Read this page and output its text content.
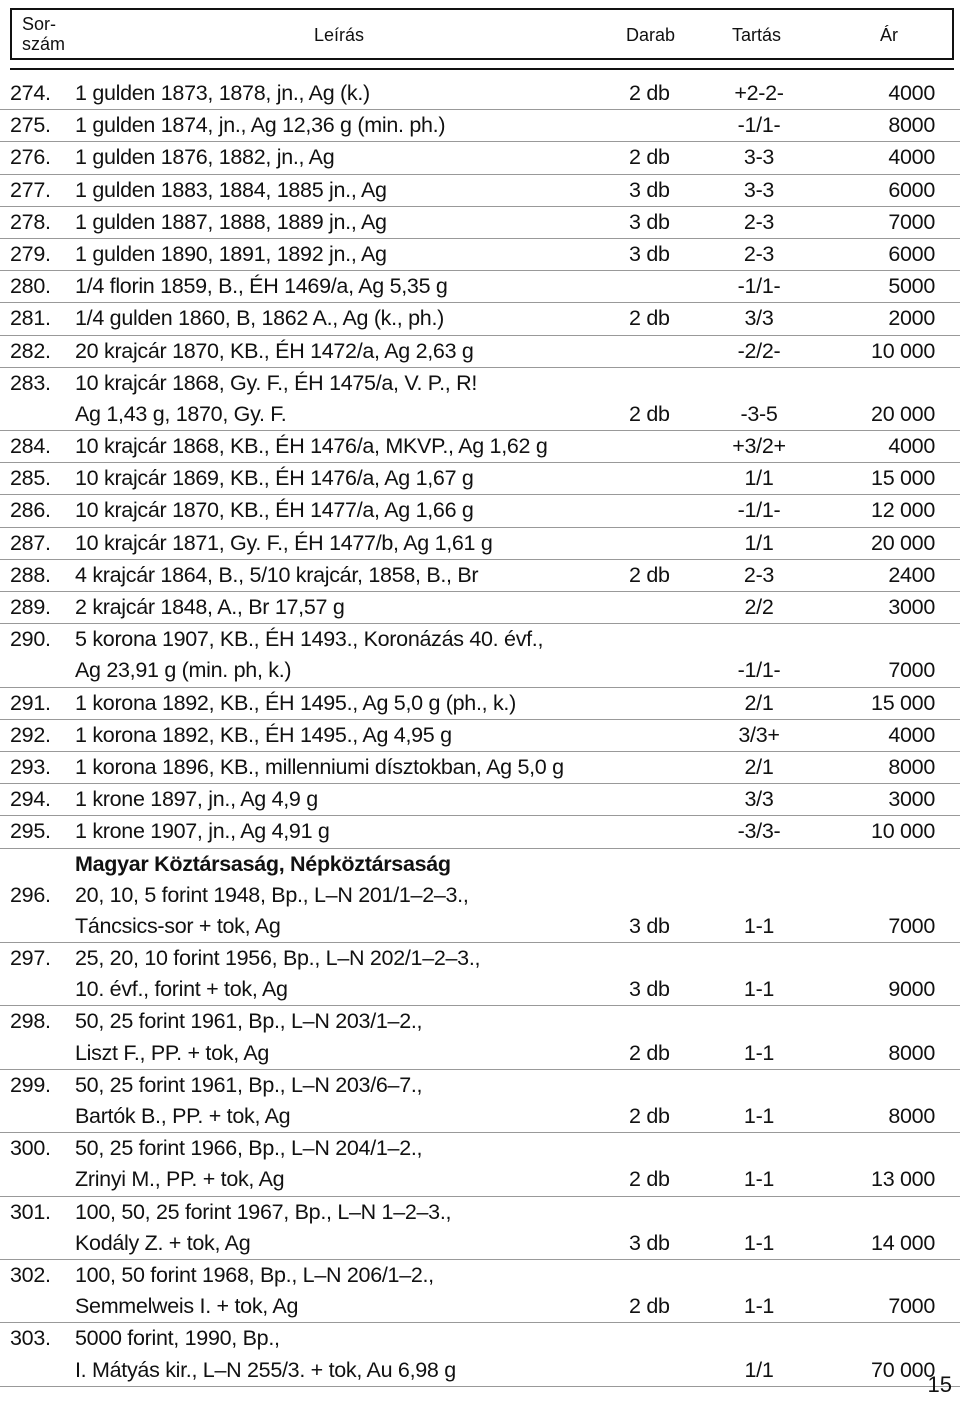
Sor-
szám	Leírás	Darab	Tartás	Ár
274. 1 gulden 1873, 1878, jn., Ag (k.)	2 db	+2-2-	4000
275. 1 gulden 1874, jn., Ag 12,36 g (min. ph.)	-1/1-	8000
276. 1 gulden 1876, 1882, jn., Ag	2 db	3-3	4000
277. 1 gulden 1883, 1884, 1885 jn., Ag	3 db	3-3	6000
278. 1 gulden 1887, 1888, 1889 jn., Ag	3 db	2-3	7000
279. 1 gulden 1890, 1891, 1892 jn., Ag	3 db	2-3	6000
280. 1/4 florin 1859, B., ÉH 1469/a, Ag 5,35 g	-1/1-	5000
281. 1/4 gulden 1860, B, 1862 A., Ag (k., ph.)	2 db	3/3	2000
282. 20 krajcár 1870, KB., ÉH 1472/a, Ag 2,63 g	-2/2-	10 000
283. 10 krajcár 1868, Gy. F., ÉH 1475/a, V. P., R!
Ag 1,43 g, 1870, Gy. F.	2 db	-3-5	20 000
284. 10 krajcár 1868, KB., ÉH 1476/a, MKVP., Ag 1,62 g	+3/2+	4000
285. 10 krajcár 1869, KB., ÉH 1476/a, Ag 1,67 g	1/1	15 000
286. 10 krajcár 1870, KB., ÉH 1477/a, Ag 1,66 g	-1/1-	12 000
287. 10 krajcár 1871, Gy. F., ÉH 1477/b, Ag 1,61 g	1/1	20 000
288. 4 krajcár 1864, B., 5/10 krajcár, 1858, B., Br	2 db	2-3	2400
289. 2 krajcár 1848, A., Br 17,57 g	2/2	3000
290. 5 korona 1907, KB., ÉH 1493., Koronázás 40. évf.,
Ag 23,91 g (min. ph, k.)	-1/1-	7000
291. 1 korona 1892, KB., ÉH 1495., Ag 5,0 g (ph., k.)	2/1	15 000
292. 1 korona 1892, KB., ÉH 1495., Ag 4,95 g	3/3+	4000
293. 1 korona 1896, KB., millenniumi dísztokban, Ag 5,0 g	2/1	8000
294. 1 krone 1897, jn., Ag 4,9 g	3/3	3000
295. 1 krone 1907, jn., Ag 4,91 g	-3/3-	10 000
Magyar Köztársaság, Népköztársaság
296. 20, 10, 5 forint 1948, Bp., L–N 201/1–2–3.,
Táncsics-sor + tok, Ag	3 db	1-1	7000
297. 25, 20, 10 forint 1956, Bp., L–N 202/1–2–3.,
10. évf., forint + tok, Ag	3 db	1-1	9000
298. 50, 25 forint 1961, Bp., L–N 203/1–2.,
Liszt F., PP. + tok, Ag	2 db	1-1	8000
299. 50, 25 forint 1961, Bp., L–N 203/6–7.,
Bartók B., PP. + tok, Ag	2 db	1-1	8000
300. 50, 25 forint 1966, Bp., L–N 204/1–2.,
Zrinyi M., PP. + tok, Ag	2 db	1-1	13 000
301. 100, 50, 25 forint 1967, Bp., L–N 1–2–3.,
Kodály Z. + tok, Ag	3 db	1-1	14 000
302. 100, 50 forint 1968, Bp., L–N 206/1–2.,
Semmelweis I. + tok, Ag	2 db	1-1	7000
303. 5000 forint, 1990, Bp.,
I. Mátyás kir., L–N 255/3. + tok, Au 6,98 g	1/1	70 000
15
